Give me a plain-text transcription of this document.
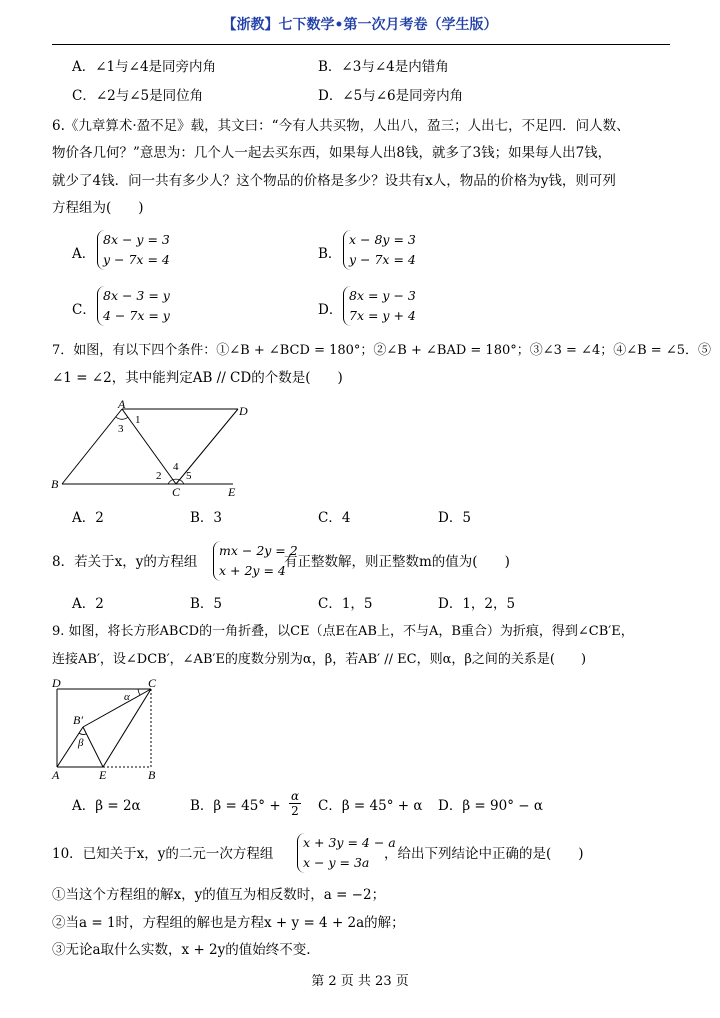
【浙教】七下数学•第一次月考卷（学生版）
A．∠1与∠4是同旁内角	B．∠3与∠4是内错角
C．∠2与∠5是同位角	D．∠5与∠6是同旁内角
6.《九章算术·盈不足》载，其文曰：“今有人共买物，人出八，盈三；人出七，不足四．问人数、
物价各几何？”意思为：几个人一起去买东西，如果每人出8钱，就多了3钱；如果每人出7钱，
就少了4钱．问一共有多少人？这个物品的价格是多少？设共有x人，物品的价格为y钱，则可列
方程组为(　　)
A．
8x − y = 3
y − 7x = 4	B．
x − 8y = 3
y − 7x = 4
C．
8x − 3 = y
4 − 7x = y	D．
8x = y − 3
7x = y + 4
7．如图，有以下四个条件：①∠B + ∠BCD = 180°；②∠B + ∠BAD = 180°；③∠3 = ∠4；④∠B = ∠5．⑤
∠1 = ∠2，其中能判定AB // CD的个数是(　　)
A	D
B
C	E
1
3
2
4
5
A．2	B．3	C．4	D．5
8．若关于x，y的方程组
mx − 2y = 2
x + 2y = 4
有正整数解，则正整数m的值为(　　)
A．2	B．5	C．1，5	D．1，2，5
9. 如图，将长方形ABCD的一角折叠，以CE（点E在AB上，不与A，B重合）为折痕，得到∠CB′E，
连接AB′，设∠DCB′，∠AB′E的度数分别为α，β，若AB′ // EC，则α，β之间的关系是(　　)
D	C
A	B
E
B′
α
β
A．β = 2α	B．$\beta = 45^\circ + \frac{\alpha}{2}$ C．β = 45° + α D．β = 90° − α
10．已知关于x，y的二元一次方程组
x + 3y = 4 − a
x − y = 3a
，给出下列结论中正确的是(　　)
①当这个方程组的解x，y的值互为相反数时，a = −2；
②当a = 1时，方程组的解也是方程x + y = 4 + 2a的解；
③无论a取什么实数，x + 2y的值始终不变.
第 2 页 共 23 页
